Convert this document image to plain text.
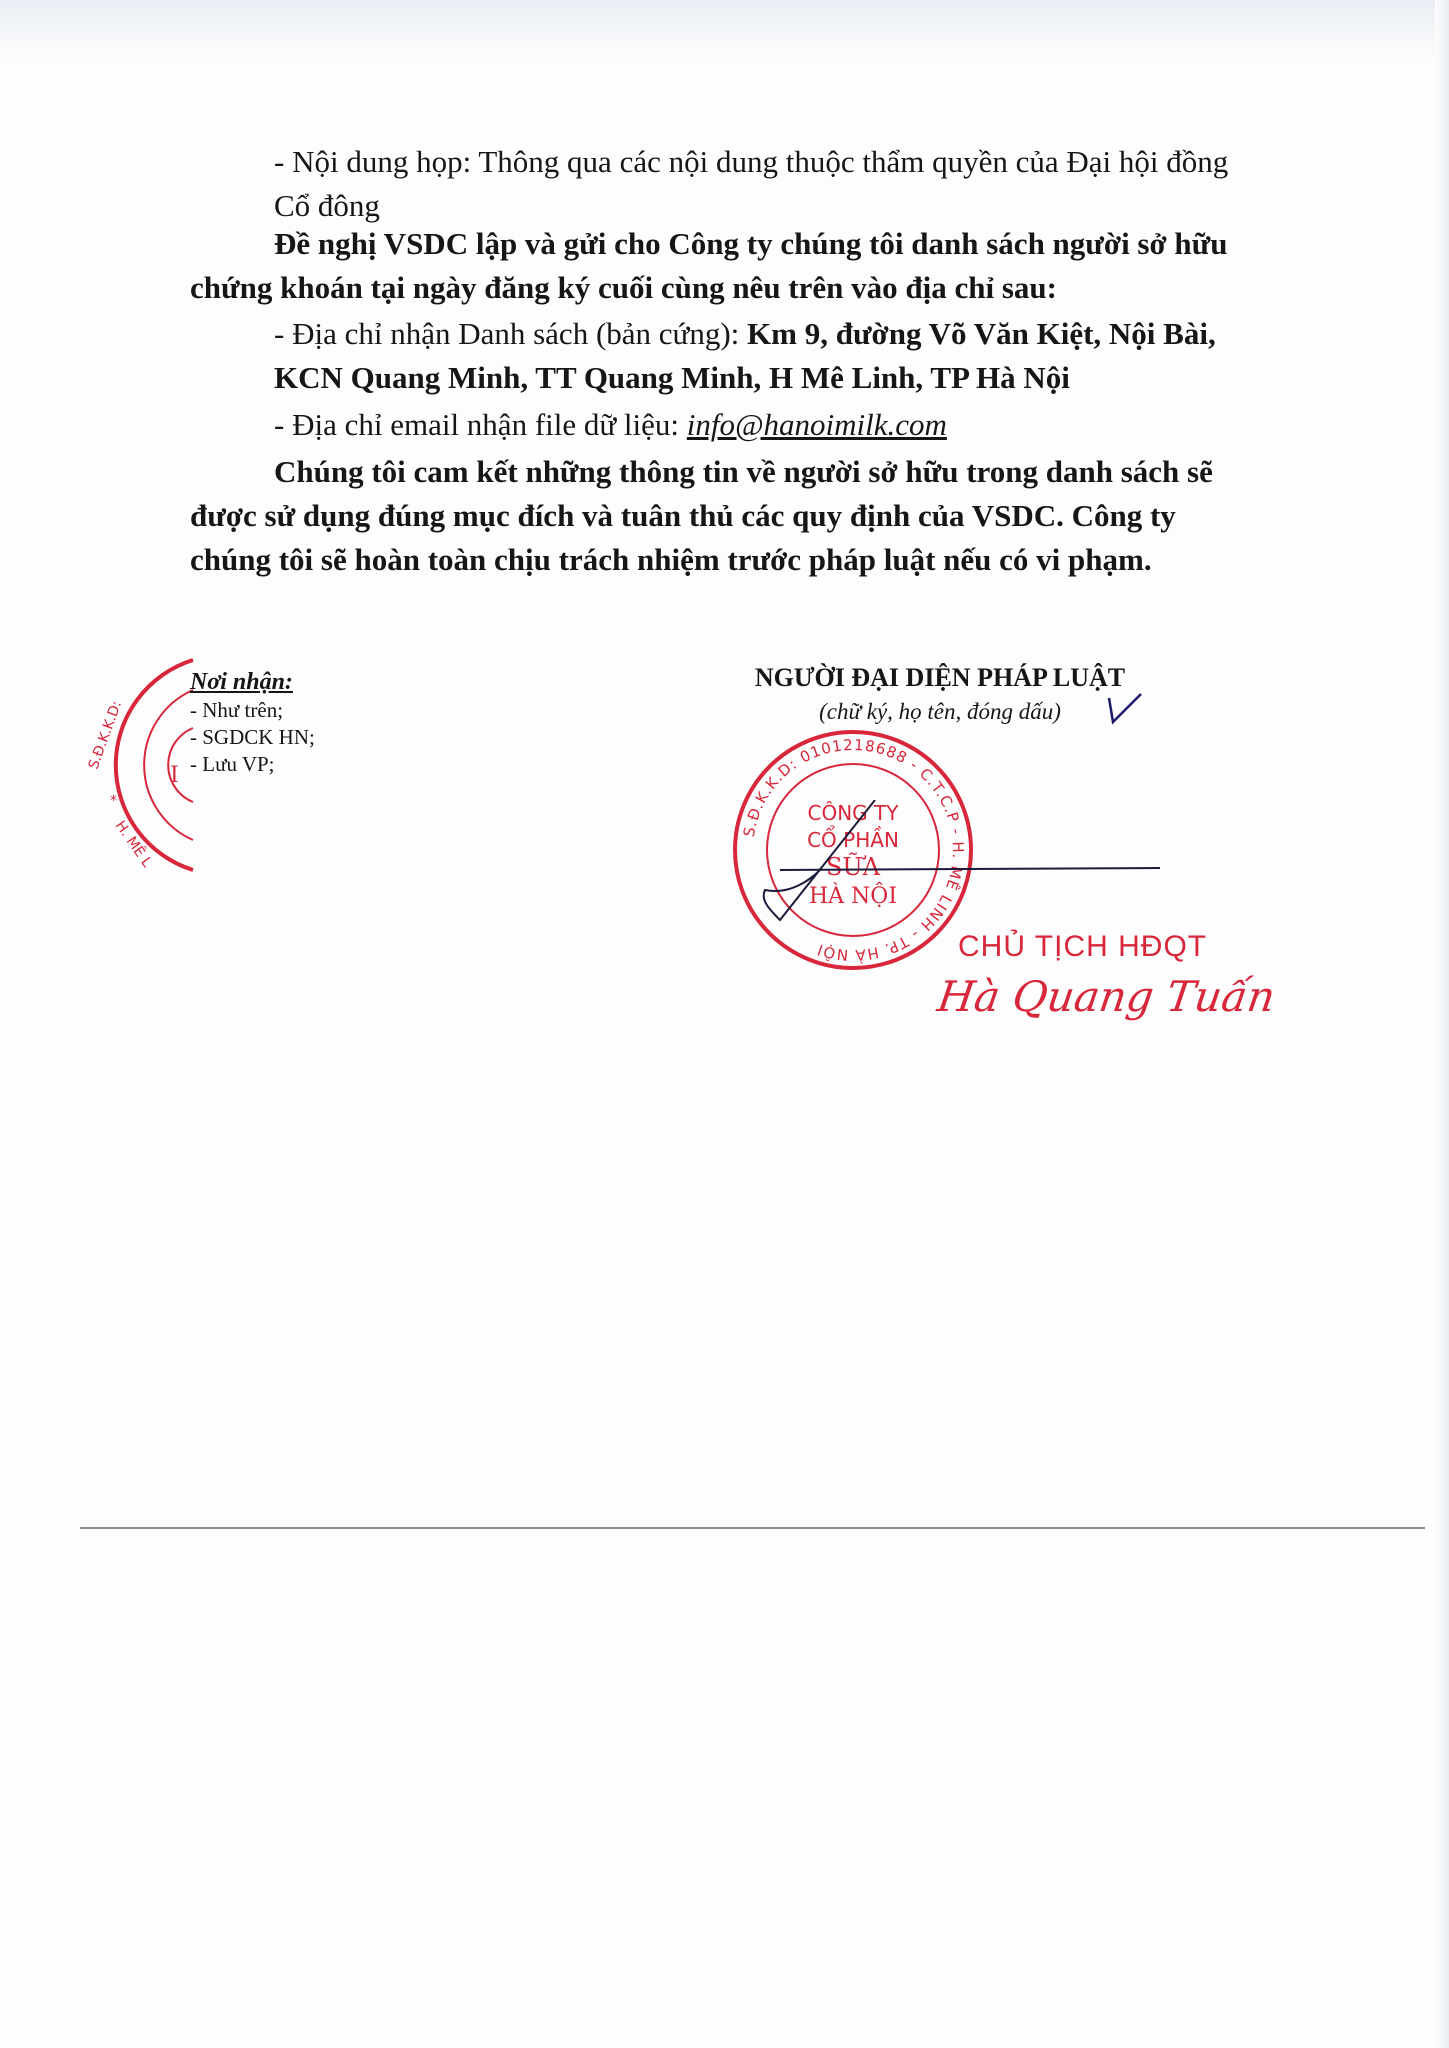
- Nội dung họp: Thông qua các nội dung thuộc thẩm quyền của Đại hội đồng
Cổ đông
Đề nghị VSDC lập và gửi cho Công ty chúng tôi danh sách người sở hữu
chứng khoán tại ngày đăng ký cuối cùng nêu trên vào địa chỉ sau:
- Địa chỉ nhận Danh sách (bản cứng): Km 9, đường Võ Văn Kiệt, Nội Bài,
KCN Quang Minh, TT Quang Minh, H Mê Linh, TP Hà Nội
- Địa chỉ email nhận file dữ liệu: info@hanoimilk.com
Chúng tôi cam kết những thông tin về người sở hữu trong danh sách sẽ
được sử dụng đúng mục đích và tuân thủ các quy định của VSDC. Công ty
chúng tôi sẽ hoàn toàn chịu trách nhiệm trước pháp luật nếu có vi phạm.
S.Đ.K.K.D:
H. MÊ L
I
*
Nơi nhận:
- Như trên;
- SGDCK HN;
- Lưu VP;
NGƯỜI ĐẠI DIỆN PHÁP LUẬT
(chữ ký, họ tên, đóng dấu)
S.Đ.K.K.D: 0101218688 - C.T.C.P - H. MÊ LINH - TP. HÀ NỘI
CÔNG TY
CỔ PHẦN
SỮA
HÀ NỘI
CHỦ TỊCH HĐQT
Hà Quang Tuấn
